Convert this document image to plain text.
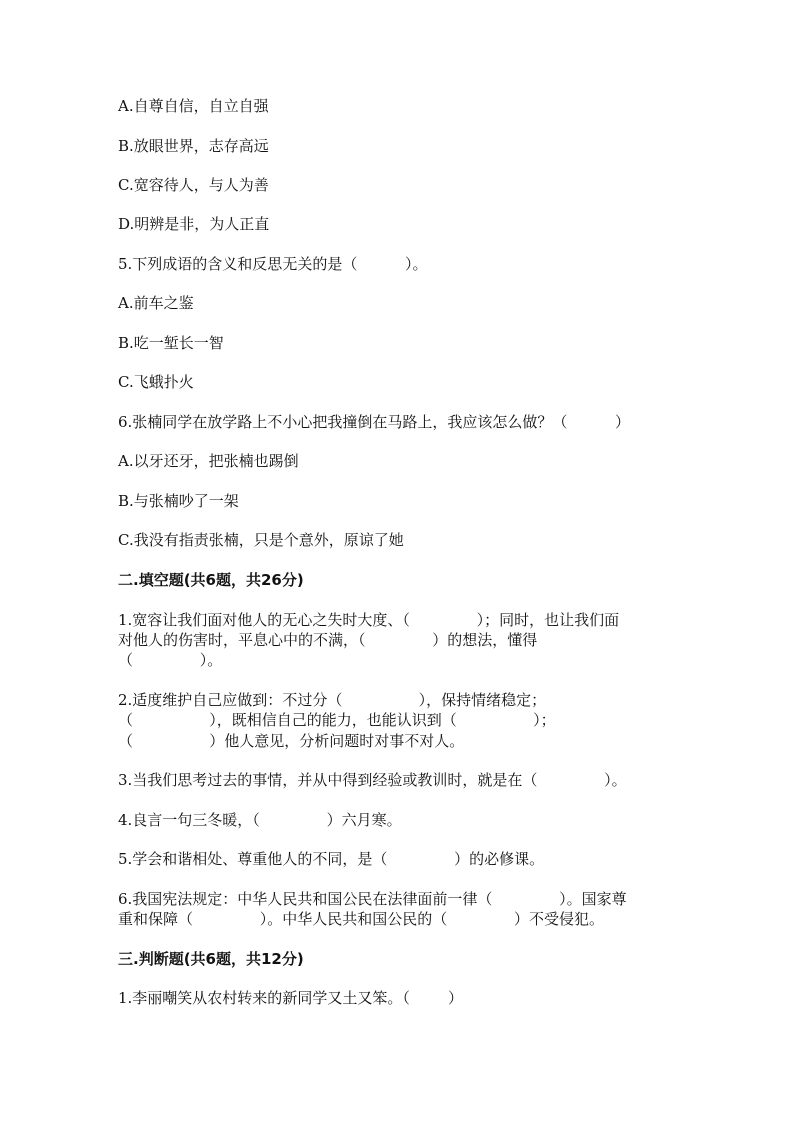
A.自尊自信，自立自强
B.放眼世界，志存高远
C.宽容待人，与人为善
D.明辨是非，为人正直
5.下列成语的含义和反思无关的是（          ）。
A.前车之鉴
B.吃一堑长一智
C.飞蛾扑火
6.张楠同学在放学路上不小心把我撞倒在马路上，我应该怎么做？（          ）
A.以牙还牙，把张楠也踢倒
B.与张楠吵了一架
C.我没有指责张楠，只是个意外，原谅了她
二.填空题(共6题，共26分)
1.宽容让我们面对他人的无心之失时大度、（              ）；同时，也让我们面
对他人的伤害时，平息心中的不满，（              ）的想法，懂得
（              ）。
2.适度维护自己应做到：不过分（                ），保持情绪稳定；
（                ），既相信自己的能力，也能认识到（                ）；
（                ）他人意见，分析问题时对事不对人。
3.当我们思考过去的事情，并从中得到经验或教训时，就是在（              ）。
4.良言一句三冬暖，（              ）六月寒。
5.学会和谐相处、尊重他人的不同，是（              ）的必修课。
6.我国宪法规定：中华人民共和国公民在法律面前一律（              ）。国家尊
重和保障（              ）。中华人民共和国公民的（              ）不受侵犯。
三.判断题(共6题，共12分)
1.李丽嘲笑从农村转来的新同学又土又笨。（        ）
